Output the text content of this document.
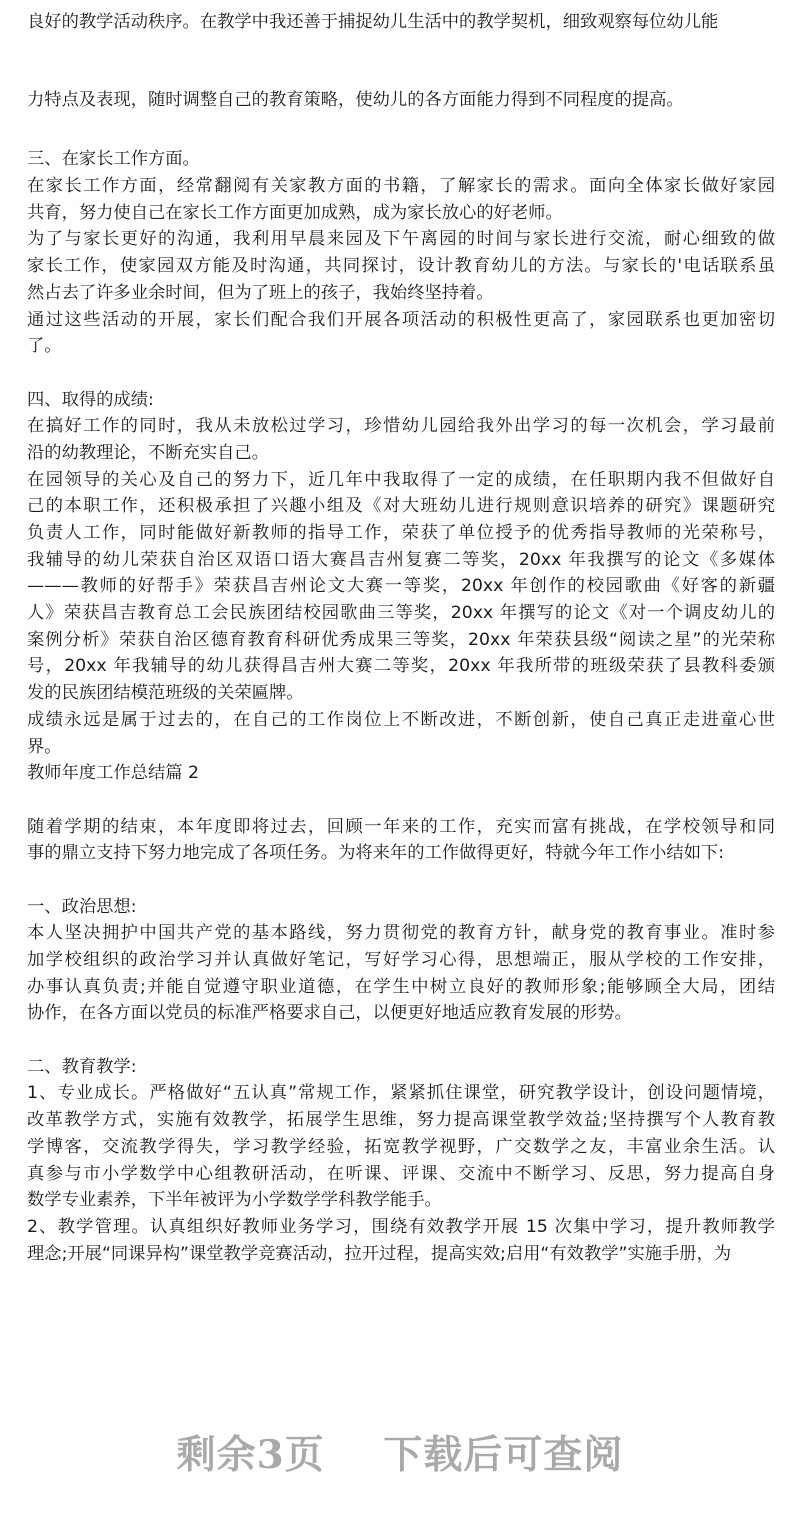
良好的教学活动秩序。在教学中我还善于捕捉幼儿生活中的教学契机，细致观察每位幼儿能
力特点及表现，随时调整自己的教育策略，使幼儿的各方面能力得到不同程度的提高。
三、在家长工作方面。
在家长工作方面，经常翻阅有关家教方面的书籍，了解家长的需求。面向全体家长做好家园
共育，努力使自己在家长工作方面更加成熟，成为家长放心的好老师。
为了与家长更好的沟通，我利用早晨来园及下午离园的时间与家长进行交流，耐心细致的做
家长工作，使家园双方能及时沟通，共同探讨，设计教育幼儿的方法。与家长的'电话联系虽
然占去了许多业余时间，但为了班上的孩子，我始终坚持着。
通过这些活动的开展，家长们配合我们开展各项活动的积极性更高了，家园联系也更加密切
了。
四、取得的成绩:
在搞好工作的同时，我从未放松过学习，珍惜幼儿园给我外出学习的每一次机会，学习最前
沿的幼教理论，不断充实自己。
在园领导的关心及自己的努力下，近几年中我取得了一定的成绩，在任职期内我不但做好自
己的本职工作，还积极承担了兴趣小组及《对大班幼儿进行规则意识培养的研究》课题研究
负责人工作，同时能做好新教师的指导工作，荣获了单位授予的优秀指导教师的光荣称号，
我辅导的幼儿荣获自治区双语口语大赛昌吉州复赛二等奖，20xx 年我撰写的论文《多媒体
———教师的好帮手》荣获昌吉州论文大赛一等奖，20xx 年创作的校园歌曲《好客的新疆
人》荣获昌吉教育总工会民族团结校园歌曲三等奖，20xx 年撰写的论文《对一个调皮幼儿的
案例分析》荣获自治区德育教育科研优秀成果三等奖，20xx 年荣获县级“阅读之星”的光荣称
号，20xx 年我辅导的幼儿获得昌吉州大赛二等奖，20xx 年我所带的班级荣获了县教科委颁
发的民族团结模范班级的关荣匾牌。
成绩永远是属于过去的，在自己的工作岗位上不断改进，不断创新，使自己真正走进童心世
界。
教师年度工作总结篇 2
随着学期的结束，本年度即将过去，回顾一年来的工作，充实而富有挑战，在学校领导和同
事的鼎立支持下努力地完成了各项任务。为将来年的工作做得更好，特就今年工作小结如下:
一、政治思想:
本人坚决拥护中国共产党的基本路线，努力贯彻党的教育方针，献身党的教育事业。准时参
加学校组织的政治学习并认真做好笔记，写好学习心得，思想端正，服从学校的工作安排，
办事认真负责;并能自觉遵守职业道德，在学生中树立良好的教师形象;能够顾全大局，团结
协作，在各方面以党员的标准严格要求自己，以便更好地适应教育发展的形势。
二、教育教学:
1、专业成长。严格做好“五认真”常规工作，紧紧抓住课堂，研究教学设计，创设问题情境，
改革教学方式，实施有效教学，拓展学生思维，努力提高课堂教学效益;坚持撰写个人教育教
学博客，交流教学得失，学习教学经验，拓宽教学视野，广交数学之友，丰富业余生活。认
真参与市小学数学中心组教研活动，在听课、评课、交流中不断学习、反思，努力提高自身
数学专业素养，下半年被评为小学数学学科教学能手。
2、教学管理。认真组织好教师业务学习，围绕有效教学开展 15 次集中学习，提升教师教学
理念;开展“同课异构”课堂教学竞赛活动，拉开过程，提高实效;启用“有效教学”实施手册，为
剩余3页 下载后可查阅
